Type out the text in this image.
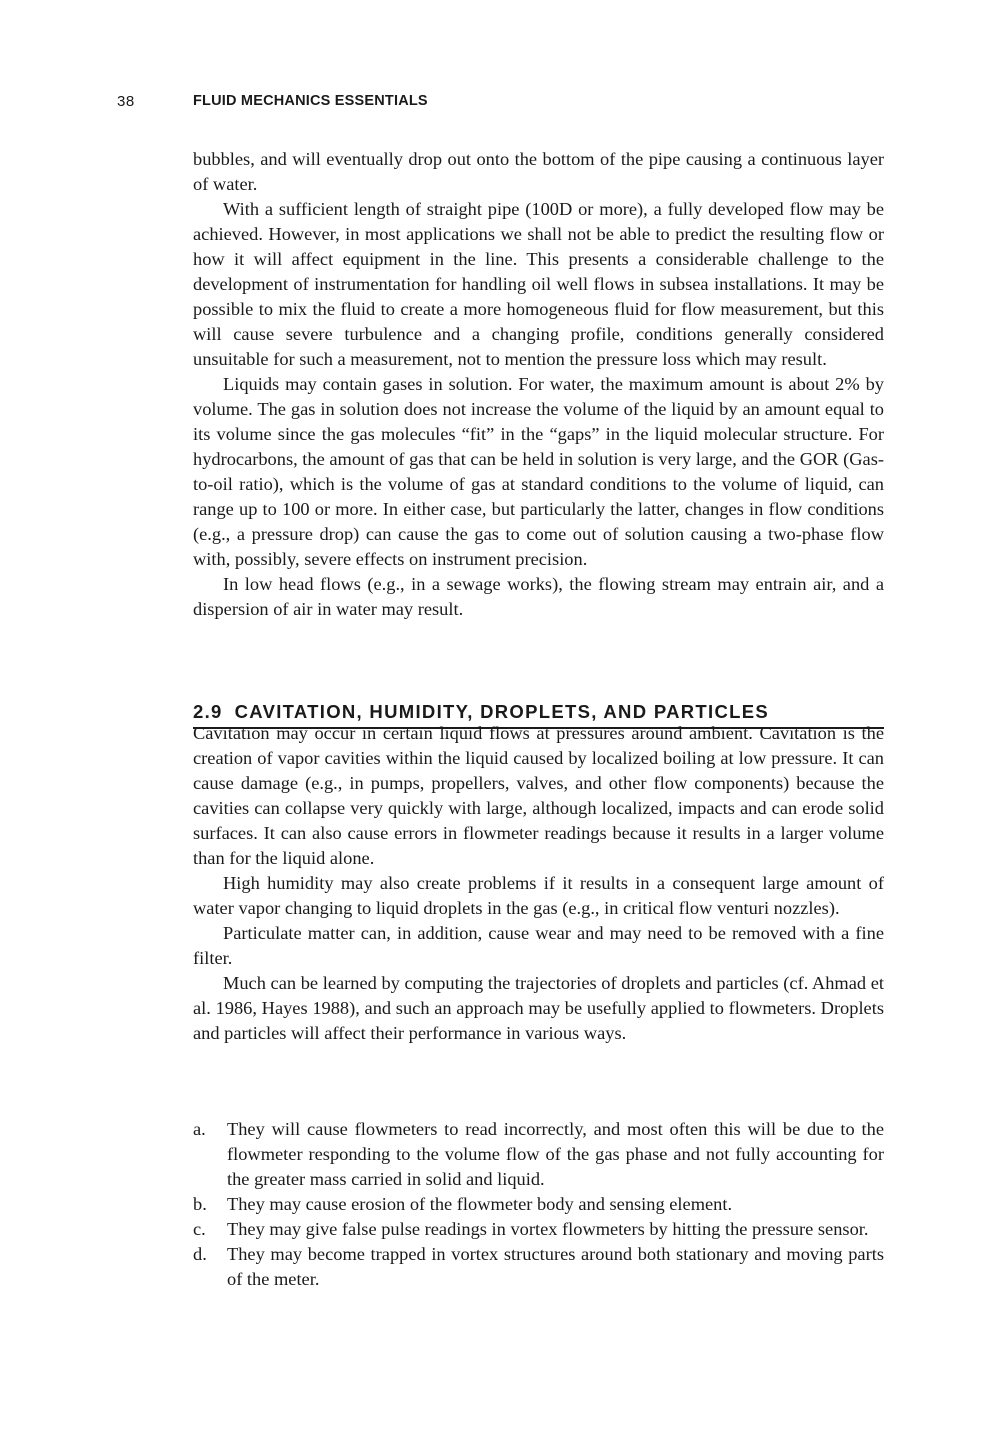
38	FLUID MECHANICS ESSENTIALS

bubbles, and will eventually drop out onto the bottom of the pipe causing a continuous layer of water.

With a sufficient length of straight pipe (100D or more), a fully developed flow may be achieved. However, in most applications we shall not be able to predict the resulting flow or how it will affect equipment in the line. This presents a considerable challenge to the development of instrumentation for handling oil well flows in subsea installations. It may be possible to mix the fluid to create a more homogeneous fluid for flow measurement, but this will cause severe turbulence and a changing profile, conditions generally considered unsuitable for such a measurement, not to mention the pressure loss which may result.

Liquids may contain gases in solution. For water, the maximum amount is about 2% by volume. The gas in solution does not increase the volume of the liquid by an amount equal to its volume since the gas molecules “fit” in the “gaps” in the liquid molecular structure. For hydrocarbons, the amount of gas that can be held in solution is very large, and the GOR (Gas-to-oil ratio), which is the volume of gas at standard conditions to the volume of liquid, can range up to 100 or more. In either case, but particularly the latter, changes in flow conditions (e.g., a pressure drop) can cause the gas to come out of solution causing a two-phase flow with, possibly, severe effects on instrument precision.

In low head flows (e.g., in a sewage works), the flowing stream may entrain air, and a dispersion of air in water may result.

2.9 CAVITATION, HUMIDITY, DROPLETS, AND PARTICLES

Cavitation may occur in certain liquid flows at pressures around ambient. Cavitation is the creation of vapor cavities within the liquid caused by localized boiling at low pressure. It can cause damage (e.g., in pumps, propellers, valves, and other flow components) because the cavities can collapse very quickly with large, although localized, impacts and can erode solid surfaces. It can also cause errors in flowmeter readings because it results in a larger volume than for the liquid alone.

High humidity may also create problems if it results in a consequent large amount of water vapor changing to liquid droplets in the gas (e.g., in critical flow venturi nozzles).

Particulate matter can, in addition, cause wear and may need to be removed with a fine filter.

Much can be learned by computing the trajectories of droplets and particles (cf. Ahmad et al. 1986, Hayes 1988), and such an approach may be usefully applied to flowmeters. Droplets and particles will affect their performance in various ways.

a. They will cause flowmeters to read incorrectly, and most often this will be due to the flowmeter responding to the volume flow of the gas phase and not fully accounting for the greater mass carried in solid and liquid.
b. They may cause erosion of the flowmeter body and sensing element.
c. They may give false pulse readings in vortex flowmeters by hitting the pressure sensor.
d. They may become trapped in vortex structures around both stationary and moving parts of the meter.
